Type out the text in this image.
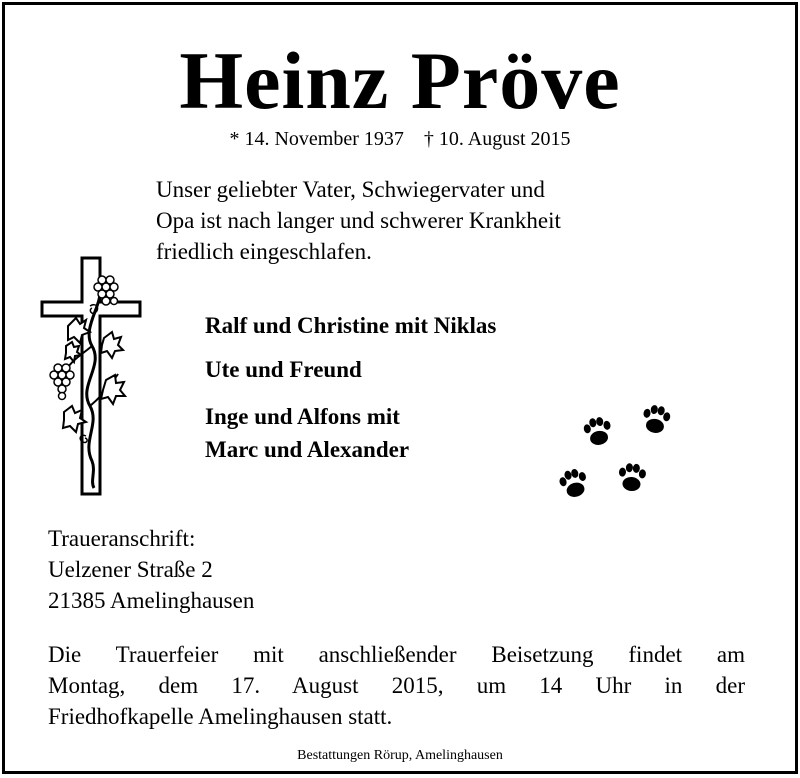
Heinz Pröve
* 14. November 1937 † 10. August 2015
Unser geliebter Vater, Schwiegervater und
Opa ist nach langer und schwerer Krankheit
friedlich eingeschlafen.
Ralf und Christine mit Niklas
Ute und Freund
Inge und Alfons mit
Marc und Alexander
Traueranschrift:
Uelzener Straße 2
21385 Amelinghausen
Die Trauerfeier mit anschließender Beisetzung findet am
Montag, dem 17. August 2015, um 14 Uhr in der
Friedhofkapelle Amelinghausen statt.
Bestattungen Rörup, Amelinghausen
